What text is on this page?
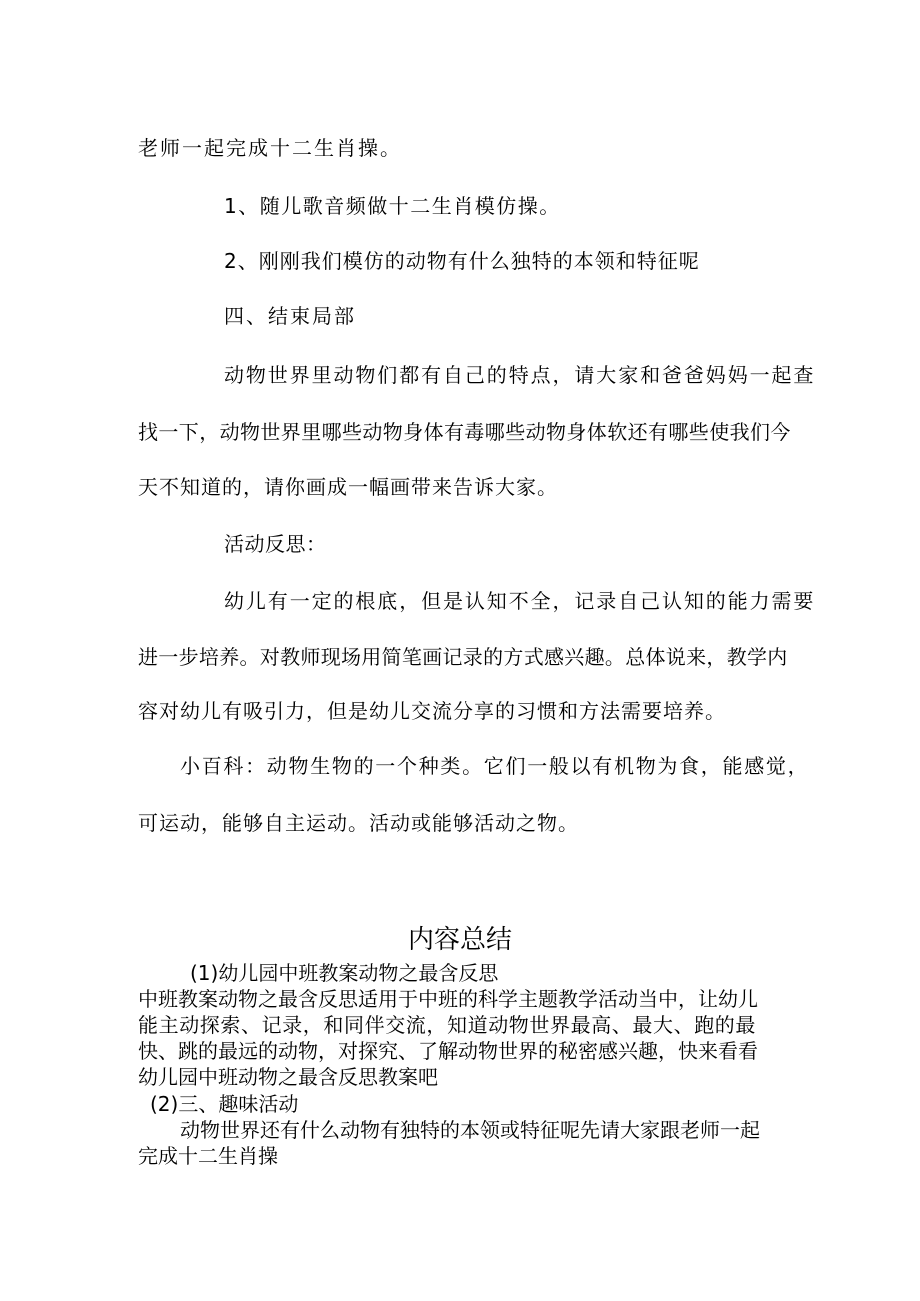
老师一起完成十二生肖操。
1、随儿歌音频做十二生肖模仿操。
2、刚刚我们模仿的动物有什么独特的本领和特征呢
四、结束局部
动物世界里动物们都有自己的特点，请大家和爸爸妈妈一起查
找一下，动物世界里哪些动物身体有毒哪些动物身体软还有哪些使我们今
天不知道的，请你画成一幅画带来告诉大家。
活动反思：
幼儿有一定的根底，但是认知不全，记录自己认知的能力需要
进一步培养。对教师现场用简笔画记录的方式感兴趣。总体说来，教学内
容对幼儿有吸引力，但是幼儿交流分享的习惯和方法需要培养。
小百科：动物生物的一个种类。它们一般以有机物为食，能感觉，
可运动，能够自主运动。活动或能够活动之物。
内容总结
(1)幼儿园中班教案动物之最含反思
中班教案动物之最含反思适用于中班的科学主题教学活动当中，让幼儿
能主动探索、记录，和同伴交流，知道动物世界最高、最大、跑的最
快、跳的最远的动物，对探究、了解动物世界的秘密感兴趣，快来看看
幼儿园中班动物之最含反思教案吧
(2)三、趣味活动
动物世界还有什么动物有独特的本领或特征呢先请大家跟老师一起
完成十二生肖操
